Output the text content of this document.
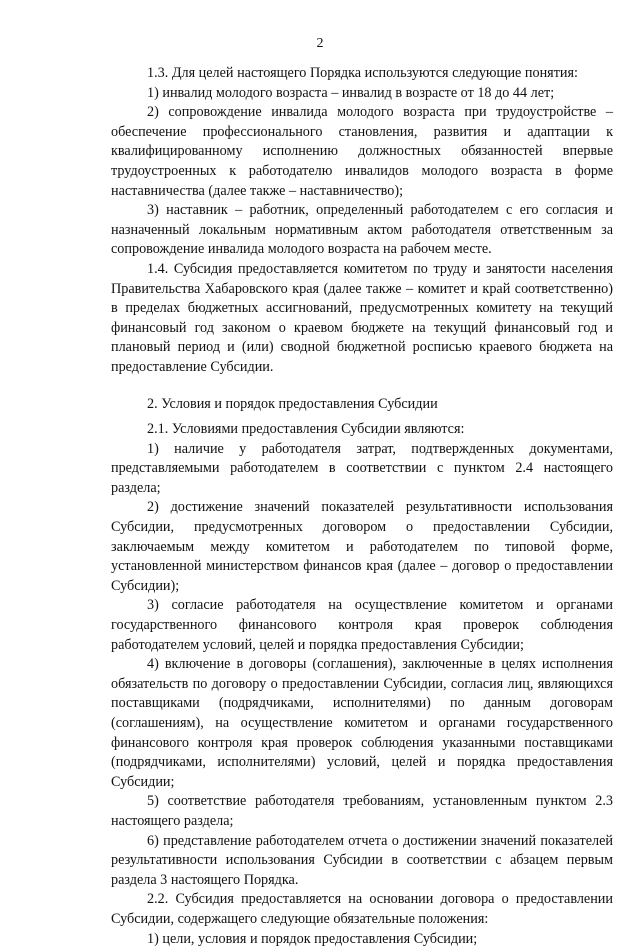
2

1.3. Для целей настоящего Порядка используются следующие понятия:

1) инвалид молодого возраста – инвалид в возрасте от 18 до 44 лет;

2) сопровождение инвалида молодого возраста при трудоустройстве – обеспечение профессионального становления, развития и адаптации к квалифицированному исполнению должностных обязанностей впервые трудоустроенных к работодателю инвалидов молодого возраста в форме наставничества (далее также – наставничество);

3) наставник – работник, определенный работодателем с его согласия и назначенный локальным нормативным актом работодателя ответственным за сопровождение инвалида молодого возраста на рабочем месте.

1.4. Субсидия предоставляется комитетом по труду и занятости населения Правительства Хабаровского края (далее также – комитет и край соответственно) в пределах бюджетных ассигнований, предусмотренных комитету на текущий финансовый год законом о краевом бюджете на текущий финансовый год и плановый период и (или) сводной бюджетной росписью краевого бюджета на предоставление Субсидии.

2. Условия и порядок предоставления Субсидии

2.1. Условиями предоставления Субсидии являются:

1) наличие у работодателя затрат, подтвержденных документами, представляемыми работодателем в соответствии с пунктом 2.4 настоящего раздела;

2) достижение значений показателей результативности использования Субсидии, предусмотренных договором о предоставлении Субсидии, заключаемым между комитетом и работодателем по типовой форме, установленной министерством финансов края (далее – договор о предоставлении Субсидии);

3) согласие работодателя на осуществление комитетом и органами государственного финансового контроля края проверок соблюдения работодателем условий, целей и порядка предоставления Субсидии;

4) включение в договоры (соглашения), заключенные в целях исполнения обязательств по договору о предоставлении Субсидии, согласия лиц, являющихся поставщиками (подрядчиками, исполнителями) по данным договорам (соглашениям), на осуществление комитетом и органами государственного финансового контроля края проверок соблюдения указанными поставщиками (подрядчиками, исполнителями) условий, целей и порядка предоставления Субсидии;

5) соответствие работодателя требованиям, установленным пунктом 2.3 настоящего раздела;

6) представление работодателем отчета о достижении значений показателей результативности использования Субсидии в соответствии с абзацем первым раздела 3 настоящего Порядка.

2.2. Субсидия предоставляется на основании договора о предоставлении Субсидии, содержащего следующие обязательные положения:

1) цели, условия и порядок предоставления Субсидии;
